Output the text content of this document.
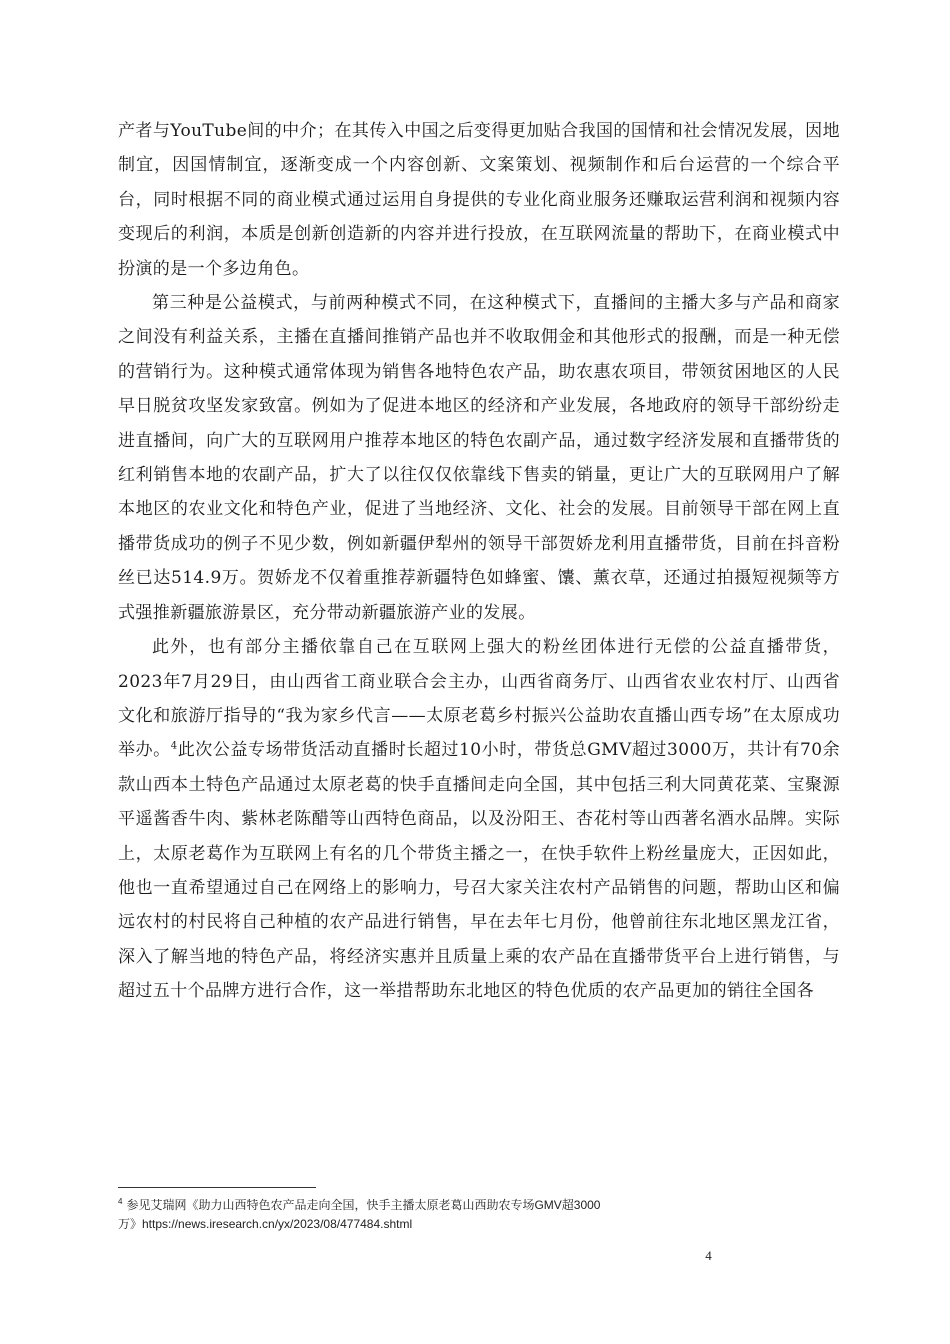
产者与YouTube间的中介；在其传入中国之后变得更加贴合我国的国情和社会情况发展，因地制宜，因国情制宜，逐渐变成一个内容创新、文案策划、视频制作和后台运营的一个综合平台，同时根据不同的商业模式通过运用自身提供的专业化商业服务还赚取运营利润和视频内容变现后的利润，本质是创新创造新的内容并进行投放，在互联网流量的帮助下，在商业模式中扮演的是一个多边角色。

第三种是公益模式，与前两种模式不同，在这种模式下，直播间的主播大多与产品和商家之间没有利益关系，主播在直播间推销产品也并不收取佣金和其他形式的报酬，而是一种无偿的营销行为。这种模式通常体现为销售各地特色农产品，助农惠农项目，带领贫困地区的人民早日脱贫攻坚发家致富。例如为了促进本地区的经济和产业发展，各地政府的领导干部纷纷走进直播间，向广大的互联网用户推荐本地区的特色农副产品，通过数字经济发展和直播带货的红利销售本地的农副产品，扩大了以往仅仅依靠线下售卖的销量，更让广大的互联网用户了解本地区的农业文化和特色产业，促进了当地经济、文化、社会的发展。目前领导干部在网上直播带货成功的例子不见少数，例如新疆伊犁州的领导干部贺娇龙利用直播带货，目前在抖音粉丝已达514.9万。贺娇龙不仅着重推荐新疆特色如蜂蜜、馕、薰衣草，还通过拍摄短视频等方式强推新疆旅游景区，充分带动新疆旅游产业的发展。

此外，也有部分主播依靠自己在互联网上强大的粉丝团体进行无偿的公益直播带货，2023年7月29日，由山西省工商业联合会主办，山西省商务厅、山西省农业农村厅、山西省文化和旅游厅指导的“我为家乡代言——太原老葛乡村振兴公益助农直播山西专场”在太原成功举办。$^4$此次公益专场带货活动直播时长超过10小时，带货总GMV超过3000万，共计有70余款山西本土特色产品通过太原老葛的快手直播间走向全国，其中包括三利大同黄花菜、宝聚源平遥酱香牛肉、紫林老陈醋等山西特色商品，以及汾阳王、杏花村等山西著名酒水品牌。实际上，太原老葛作为互联网上有名的几个带货主播之一，在快手软件上粉丝量庞大，正因如此，他也一直希望通过自己在网络上的影响力，号召大家关注农村产品销售的问题，帮助山区和偏远农村的村民将自己种植的农产品进行销售，早在去年七月份，他曾前往东北地区黑龙江省，深入了解当地的特色产品，将经济实惠并且质量上乘的农产品在直播带货平台上进行销售，与超过五十个品牌方进行合作，这一举措帮助东北地区的特色优质的农产品更加的销往全国各

$^4$ 参见艾瑞网《助力山西特色农产品走向全国，快手主播太原老葛山西助农专场GMV超3000
万》https://news.iresearch.cn/yx/2023/08/477484.shtml
4
